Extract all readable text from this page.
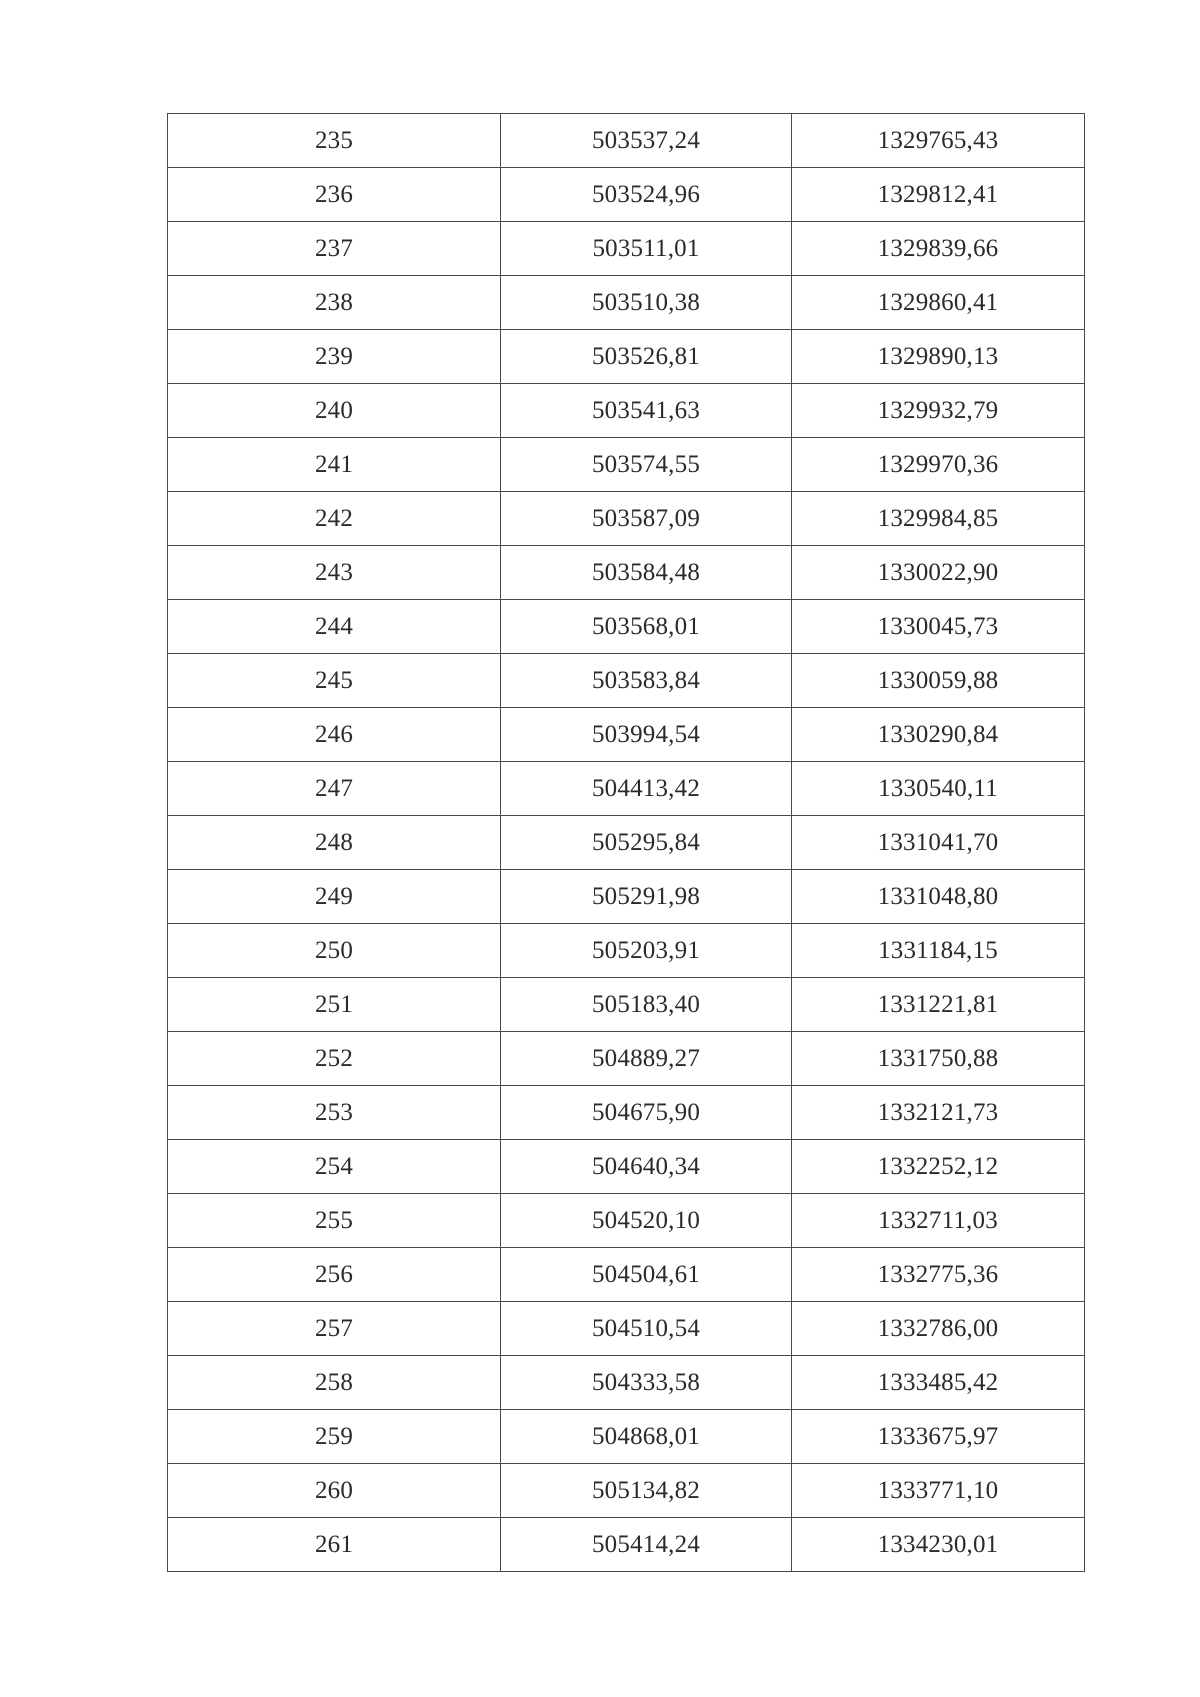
235	503537,24	1329765,43
236	503524,96	1329812,41
237	503511,01	1329839,66
238	503510,38	1329860,41
239	503526,81	1329890,13
240	503541,63	1329932,79
241	503574,55	1329970,36
242	503587,09	1329984,85
243	503584,48	1330022,90
244	503568,01	1330045,73
245	503583,84	1330059,88
246	503994,54	1330290,84
247	504413,42	1330540,11
248	505295,84	1331041,70
249	505291,98	1331048,80
250	505203,91	1331184,15
251	505183,40	1331221,81
252	504889,27	1331750,88
253	504675,90	1332121,73
254	504640,34	1332252,12
255	504520,10	1332711,03
256	504504,61	1332775,36
257	504510,54	1332786,00
258	504333,58	1333485,42
259	504868,01	1333675,97
260	505134,82	1333771,10
261	505414,24	1334230,01
